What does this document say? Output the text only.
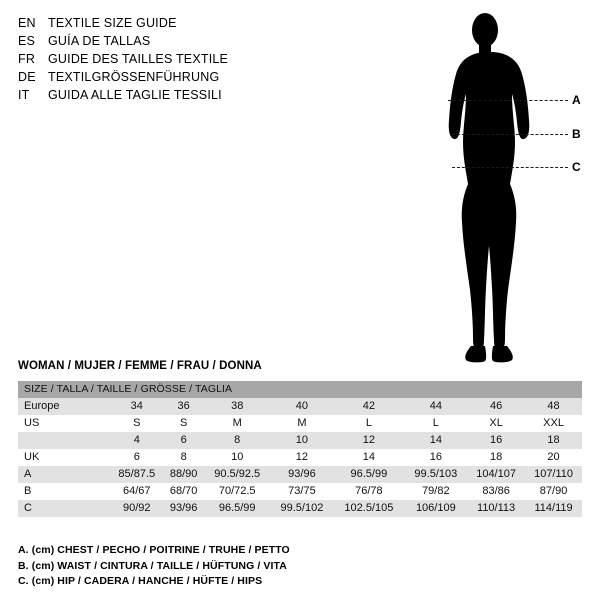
EN TEXTILE SIZE GUIDE
ES	GUÍA DE TALLAS
FR	GUIDE DES TAILLES TEXTILE
DE TEXTILGRÖSSENFÜHRUNG
IT	GUIDA ALLE TAGLIE TESSILI	A
B
C
WOMAN / MUJER / FEMME / FRAU / DONNA
SIZE / TALLA / TAILLE / GRÖSSE / TAGLIA								
Europe	34	36	38	40	42	44	46	48
US	S	S	M	M	L	L	XL	XXL
	4	6	8	10	12	14	16	18
UK	6	8	10	12	14	16	18	20
A	85/87.5	88/90	90.5/92.5	93/96	96.5/99	99.5/103	104/107	107/110
B	64/67	68/70	70/72.5	73/75	76/78	79/82	83/86	87/90
C	90/92	93/96	96.5/99	99.5/102	102.5/105	106/109	110/113	114/119
A. (cm) CHEST / PECHO / POITRINE / TRUHE / PETTO
B. (cm) WAIST / CINTURA / TAILLE / HÜFTUNG / VITA
C. (cm) HIP / CADERA / HANCHE / HÜFTE / HIPS
